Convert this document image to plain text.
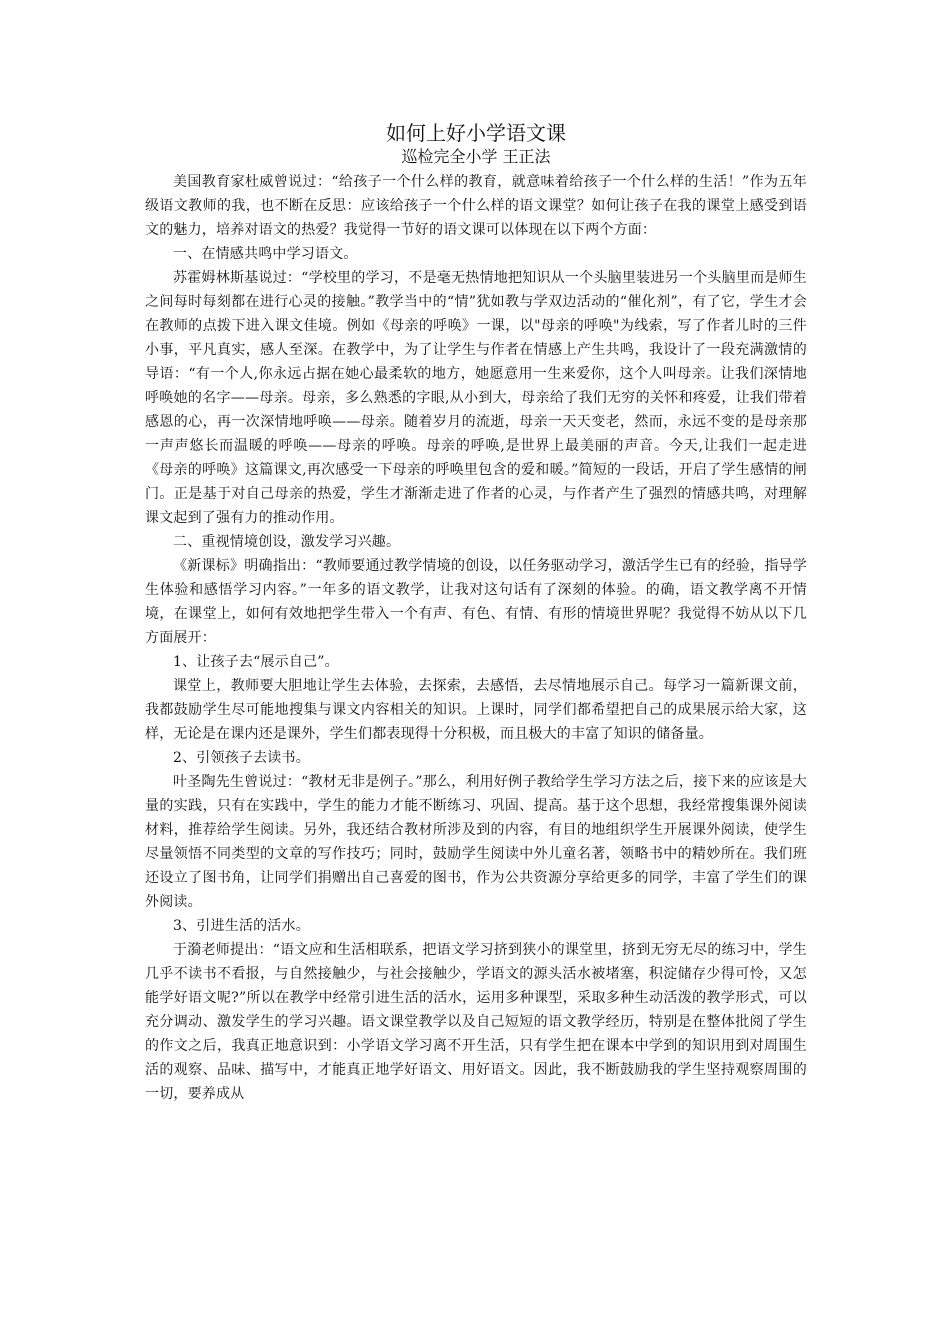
如何上好小学语文课
巡检完全小学 王正法

美国教育家杜威曾说过：“给孩子一个什么样的教育，就意味着给孩子一个什么样的生活！”作为五年级语文教师的我，也不断在反思：应该给孩子一个什么样的语文课堂？如何让孩子在我的课堂上感受到语文的魅力，培养对语文的热爱？我觉得一节好的语文课可以体现在以下两个方面：

一、在情感共鸣中学习语文。

苏霍姆林斯基说过：“学校里的学习，不是毫无热情地把知识从一个头脑里装进另一个头脑里而是师生之间每时每刻都在进行心灵的接触。”教学当中的“情”犹如教与学双边活动的“催化剂”，有了它，学生才会在教师的点拨下进入课文佳境。例如《母亲的呼唤》一课，以"母亲的呼唤"为线索，写了作者儿时的三件小事，平凡真实，感人至深。在教学中，为了让学生与作者在情感上产生共鸣，我设计了一段充满激情的导语：“有一个人,你永远占据在她心最柔软的地方，她愿意用一生来爱你，这个人叫母亲。让我们深情地呼唤她的名字——母亲。母亲，多么熟悉的字眼,从小到大，母亲给了我们无穷的关怀和疼爱，让我们带着感恩的心，再一次深情地呼唤——母亲。随着岁月的流逝，母亲一天天变老，然而，永远不变的是母亲那一声声悠长而温暖的呼唤——母亲的呼唤。母亲的呼唤,是世界上最美丽的声音。今天,让我们一起走进《母亲的呼唤》这篇课文,再次感受一下母亲的呼唤里包含的爱和暖。”简短的一段话，开启了学生感情的闸门。正是基于对自己母亲的热爱，学生才渐渐走进了作者的心灵，与作者产生了强烈的情感共鸣，对理解课文起到了强有力的推动作用。

二、重视情境创设，激发学习兴趣。

《新课标》明确指出：“教师要通过教学情境的创设，以任务驱动学习，激活学生已有的经验，指导学生体验和感悟学习内容。”一年多的语文教学，让我对这句话有了深刻的体验。的确，语文教学离不开情境，在课堂上，如何有效地把学生带入一个有声、有色、有情、有形的情境世界呢？我觉得不妨从以下几方面展开：

1、让孩子去“展示自己”。

课堂上，教师要大胆地让学生去体验，去探索，去感悟，去尽情地展示自己。每学习一篇新课文前，我都鼓励学生尽可能地搜集与课文内容相关的知识。上课时，同学们都希望把自己的成果展示给大家，这样，无论是在课内还是课外，学生们都表现得十分积极，而且极大的丰富了知识的储备量。

2、引领孩子去读书。

叶圣陶先生曾说过：“教材无非是例子。”那么，利用好例子教给学生学习方法之后，接下来的应该是大量的实践，只有在实践中，学生的能力才能不断练习、巩固、提高。基于这个思想，我经常搜集课外阅读材料，推荐给学生阅读。另外，我还结合教材所涉及到的内容，有目的地组织学生开展课外阅读，使学生尽量领悟不同类型的文章的写作技巧；同时，鼓励学生阅读中外儿童名著，领略书中的精妙所在。我们班还设立了图书角，让同学们捐赠出自己喜爱的图书，作为公共资源分享给更多的同学，丰富了学生们的课外阅读。

3、引进生活的活水。

于漪老师提出：“语文应和生活相联系，把语文学习挤到狭小的课堂里，挤到无穷无尽的练习中，学生几乎不读书不看报，与自然接触少，与社会接触少，学语文的源头活水被堵塞，积淀储存少得可怜，又怎能学好语文呢?”所以在教学中经常引进生活的活水，运用多种课型，采取多种生动活泼的教学形式，可以充分调动、激发学生的学习兴趣。语文课堂教学以及自己短短的语文教学经历，特别是在整体批阅了学生的作文之后，我真正地意识到：小学语文学习离不开生活，只有学生把在课本中学到的知识用到对周围生活的观察、品味、描写中，才能真正地学好语文、用好语文。因此，我不断鼓励我的学生坚持观察周围的一切，要养成从
